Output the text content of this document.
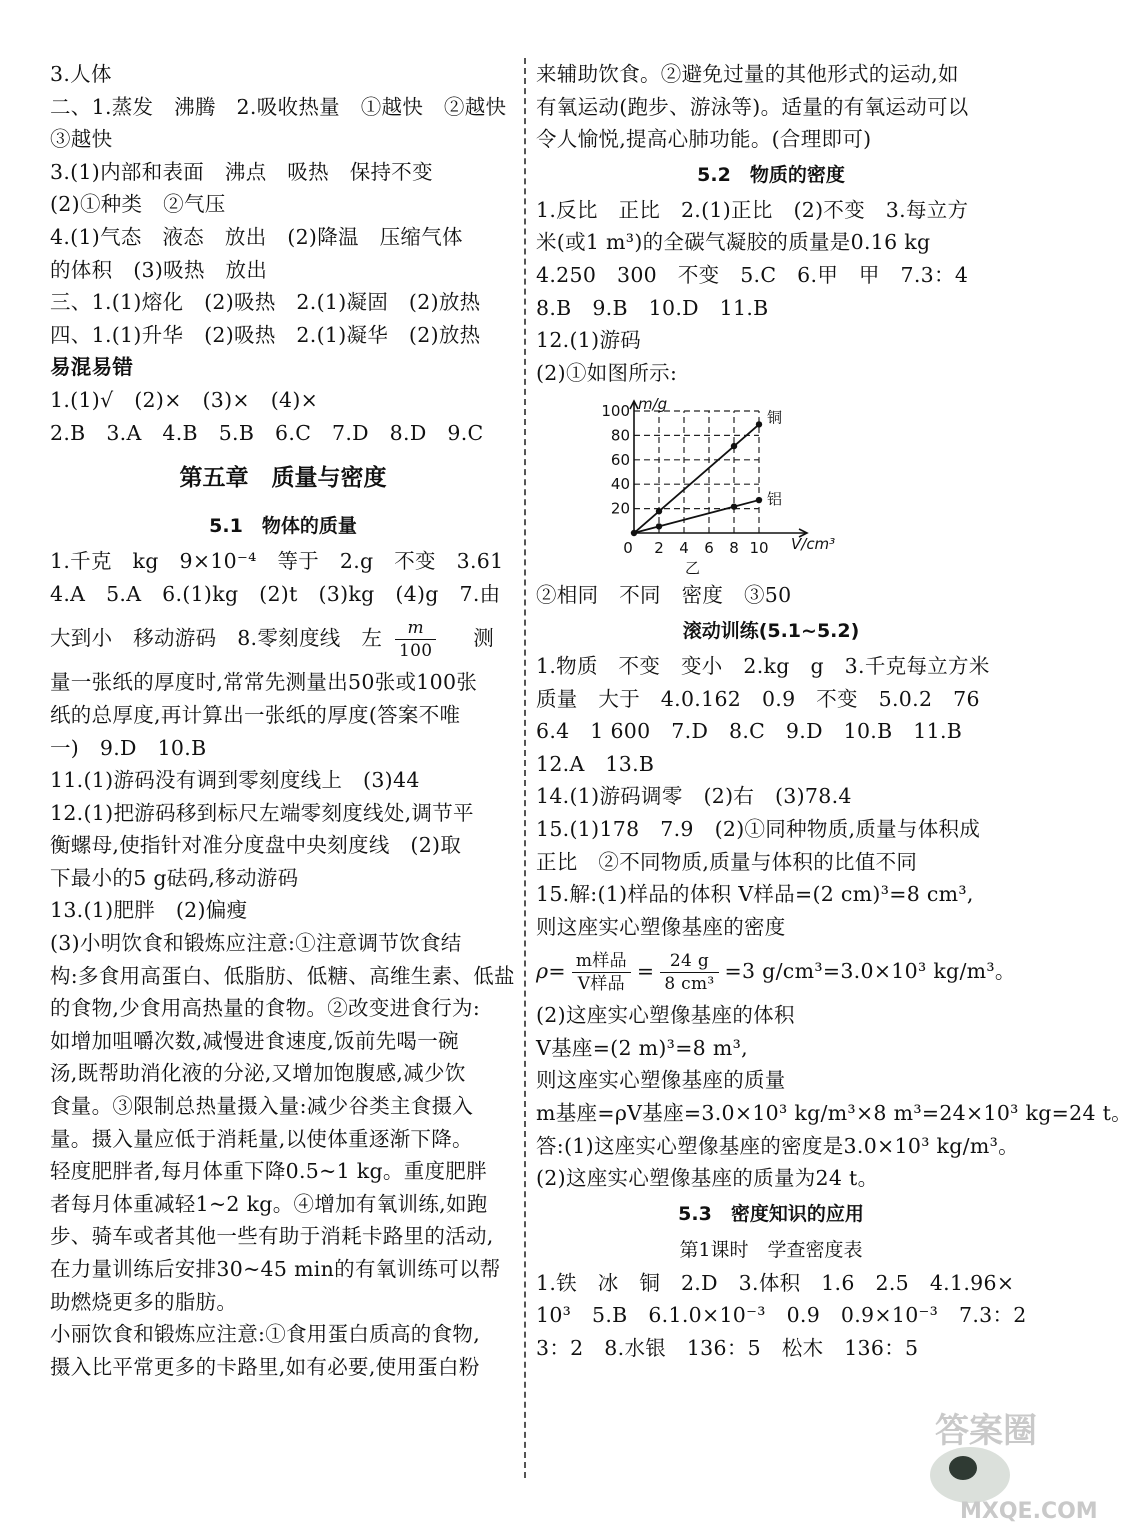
3.人体
二、1.蒸发　沸腾　2.吸收热量　①越快　②越快
③越快
3.(1)内部和表面　沸点　吸热　保持不变
(2)①种类　②气压
4.(1)气态　液态　放出　(2)降温　压缩气体
的体积　(3)吸热　放出
三、1.(1)熔化　(2)吸热　2.(1)凝固　(2)放热
四、1.(1)升华　(2)吸热　2.(1)凝华　(2)放热
易混易错
1.(1)√　(2)×　(3)×　(4)×
2.B　3.A　4.B　5.B　6.C　7.D　8.D　9.C
第五章　质量与密度
5.1　物体的质量
1.千克　kg　9×10⁻⁴　等于　2.g　不变　3.61
4.A　5.A　6.(1)kg　(2)t　(3)kg　(4)g　7.由
大到小　移动游码　8.零刻度线　左 $\frac{m}{100}$ 测
量一张纸的厚度时,常常先测量出50张或100张
纸的总厚度,再计算出一张纸的厚度(答案不唯
一)　9.D　10.B
11.(1)游码没有调到零刻度线上　(3)44
12.(1)把游码移到标尺左端零刻度线处,调节平
衡螺母,使指针对准分度盘中央刻度线　(2)取
下最小的5 g砝码,移动游码
13.(1)肥胖　(2)偏瘦
(3)小明饮食和锻炼应注意:①注意调节饮食结
构:多食用高蛋白、低脂肪、低糖、高维生素、低盐
的食物,少食用高热量的食物。②改变进食行为:
如增加咀嚼次数,减慢进食速度,饭前先喝一碗
汤,既帮助消化液的分泌,又增加饱腹感,减少饮
食量。③限制总热量摄入量:减少谷类主食摄入
量。摄入量应低于消耗量,以使体重逐渐下降。
轻度肥胖者,每月体重下降0.5~1 kg。重度肥胖
者每月体重减轻1~2 kg。④增加有氧训练,如跑
步、骑车或者其他一些有助于消耗卡路里的活动,
在力量训练后安排30~45 min的有氧训练可以帮
助燃烧更多的脂肪。
小丽饮食和锻炼应注意:①食用蛋白质高的食物,
摄入比平常更多的卡路里,如有必要,使用蛋白粉
来辅助饮食。②避免过量的其他形式的运动,如
有氧运动(跑步、游泳等)。适量的有氧运动可以
令人愉悦,提高心肺功能。(合理即可)
5.2　物质的密度
1.反比　正比　2.(1)正比　(2)不变　3.每立方
米(或1 m³)的全碳气凝胶的质量是0.16 kg
4.250　300　不变　5.C　6.甲　甲　7.3：4
8.B　9.B　10.D　11.B
12.(1)游码
(2)①如图所示:
20
40
60
80
100
0 2 4 6 8 10
m/g
V/cm³
乙
铜
铝
②相同　不同　密度　③50
滚动训练(5.1~5.2)
1.物质　不变　变小　2.kg　g　3.千克每立方米
质量　大于　4.0.162　0.9　不变　5.0.2　76
6.4　1 600　7.D　8.C　9.D　10.B　11.B
12.A　13.B
14.(1)游码调零　(2)右　(3)78.4
15.(1)178　7.9　(2)①同种物质,质量与体积成
正比　②不同物质,质量与体积的比值不同
15.解:(1)样品的体积 V样品=(2 cm)³=8 cm³,
则这座实心塑像基座的密度
$\rho= \frac{\text{m样品}}{\text{V样品}} = \frac{24 g}{\text{8 cm³}} =3$ g/cm³=3.0×10³ kg/m³。
(2)这座实心塑像基座的体积
V基座=(2 m)³=8 m³,
则这座实心塑像基座的质量
m基座=ρV基座=3.0×10³ kg/m³×8 m³=24×10³ kg=24 t。
答:(1)这座实心塑像基座的密度是3.0×10³ kg/m³。
(2)这座实心塑像基座的质量为24 t。
5.3　密度知识的应用
第1课时　学查密度表
1.铁　冰　铜　2.D　3.体积　1.6　2.5　4.1.96×
10³　5.B　6.1.0×10⁻³　0.9　0.9×10⁻³　7.3：2
3：2　8.水银　136：5　松木　136：5
答案圈
MXQE.COM
